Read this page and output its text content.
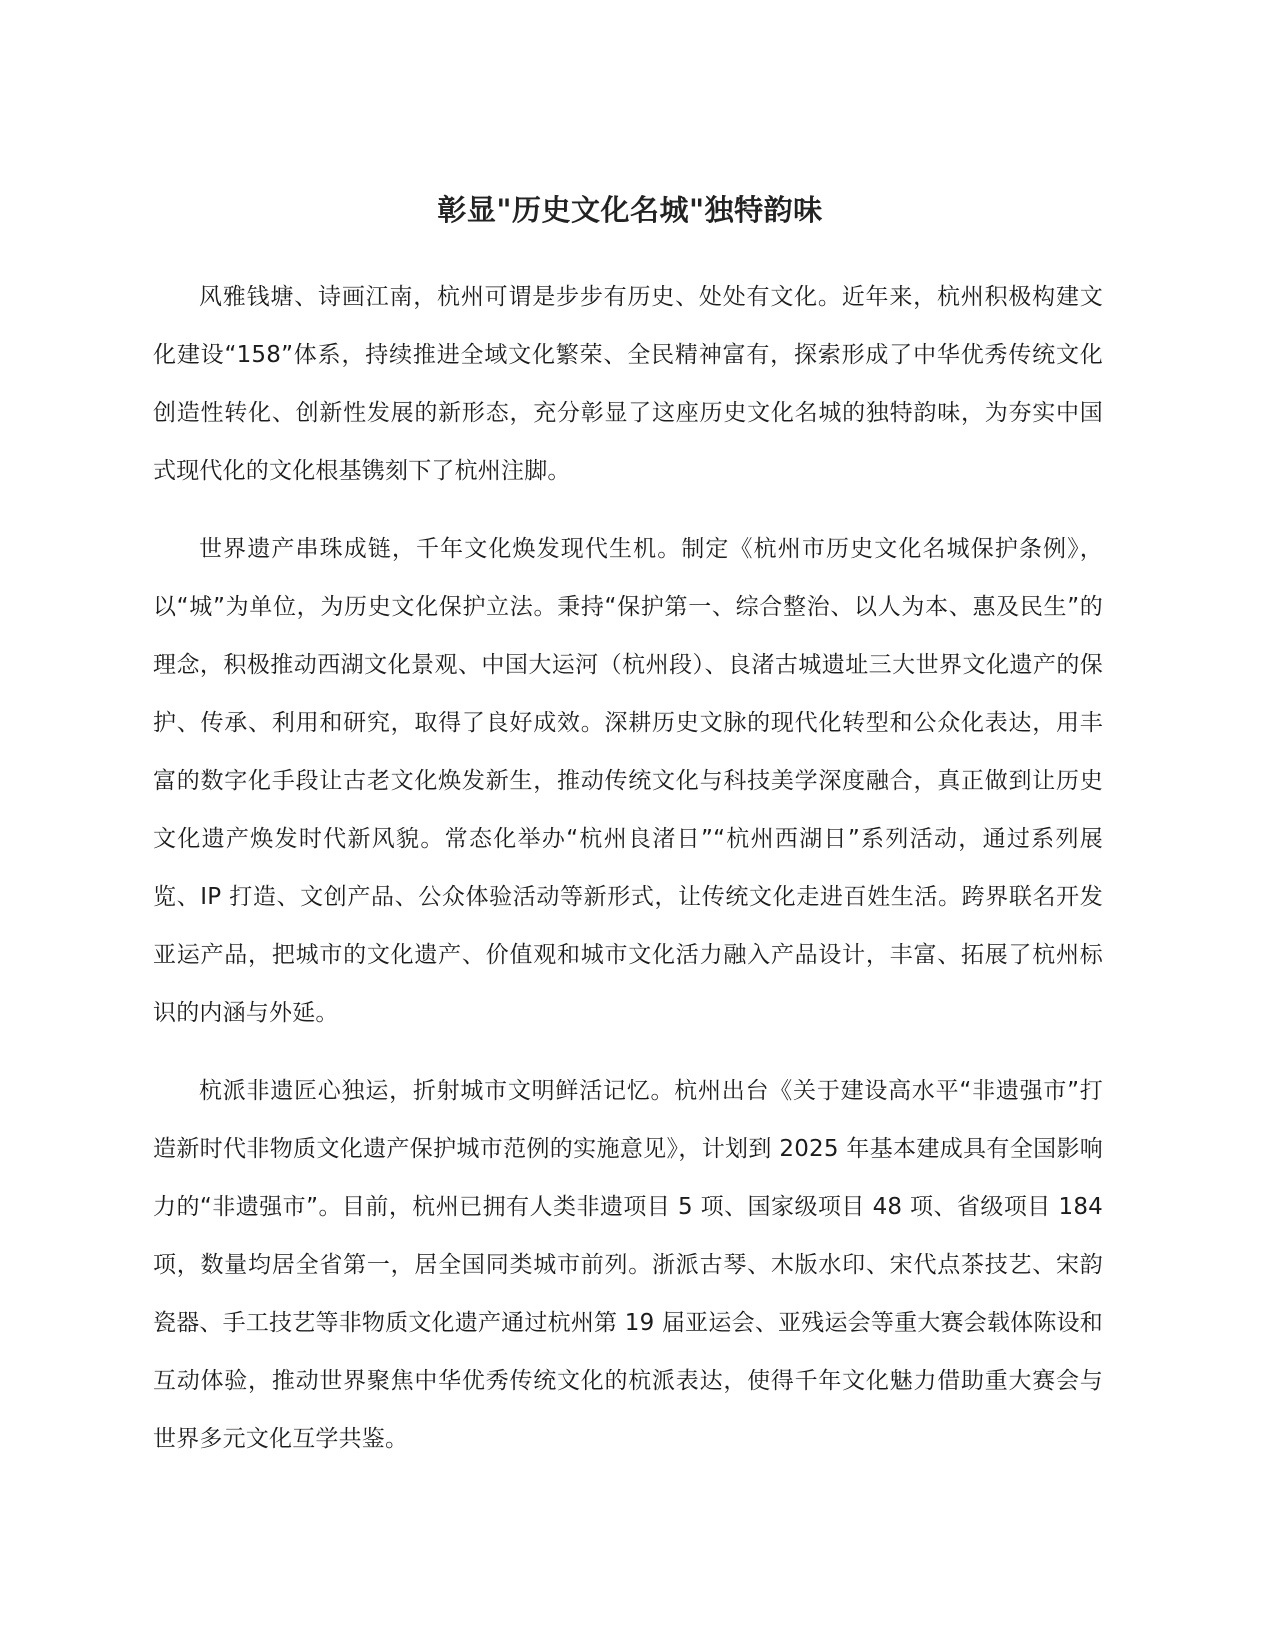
彰显"历史文化名城"独特韵味

风雅钱塘、诗画江南，杭州可谓是步步有历史、处处有文化。近年来，杭州积极构建文化建设“158”体系，持续推进全域文化繁荣、全民精神富有，探索形成了中华优秀传统文化创造性转化、创新性发展的新形态，充分彰显了这座历史文化名城的独特韵味，为夯实中国式现代化的文化根基镌刻下了杭州注脚。

世界遗产串珠成链，千年文化焕发现代生机。制定《杭州市历史文化名城保护条例》，以“城”为单位，为历史文化保护立法。秉持“保护第一、综合整治、以人为本、惠及民生”的理念，积极推动西湖文化景观、中国大运河（杭州段）、良渚古城遗址三大世界文化遗产的保护、传承、利用和研究，取得了良好成效。深耕历史文脉的现代化转型和公众化表达，用丰富的数字化手段让古老文化焕发新生，推动传统文化与科技美学深度融合，真正做到让历史文化遗产焕发时代新风貌。常态化举办“杭州良渚日”“杭州西湖日”系列活动，通过系列展览、IP 打造、文创产品、公众体验活动等新形式，让传统文化走进百姓生活。跨界联名开发亚运产品，把城市的文化遗产、价值观和城市文化活力融入产品设计，丰富、拓展了杭州标识的内涵与外延。

杭派非遗匠心独运，折射城市文明鲜活记忆。杭州出台《关于建设高水平“非遗强市”打造新时代非物质文化遗产保护城市范例的实施意见》，计划到 2025 年基本建成具有全国影响力的“非遗强市”。目前，杭州已拥有人类非遗项目 5 项、国家级项目 48 项、省级项目 184 项，数量均居全省第一，居全国同类城市前列。浙派古琴、木版水印、宋代点茶技艺、宋韵瓷器、手工技艺等非物质文化遗产通过杭州第 19 届亚运会、亚残运会等重大赛会载体陈设和互动体验，推动世界聚焦中华优秀传统文化的杭派表达，使得千年文化魅力借助重大赛会与世界多元文化互学共鉴。
